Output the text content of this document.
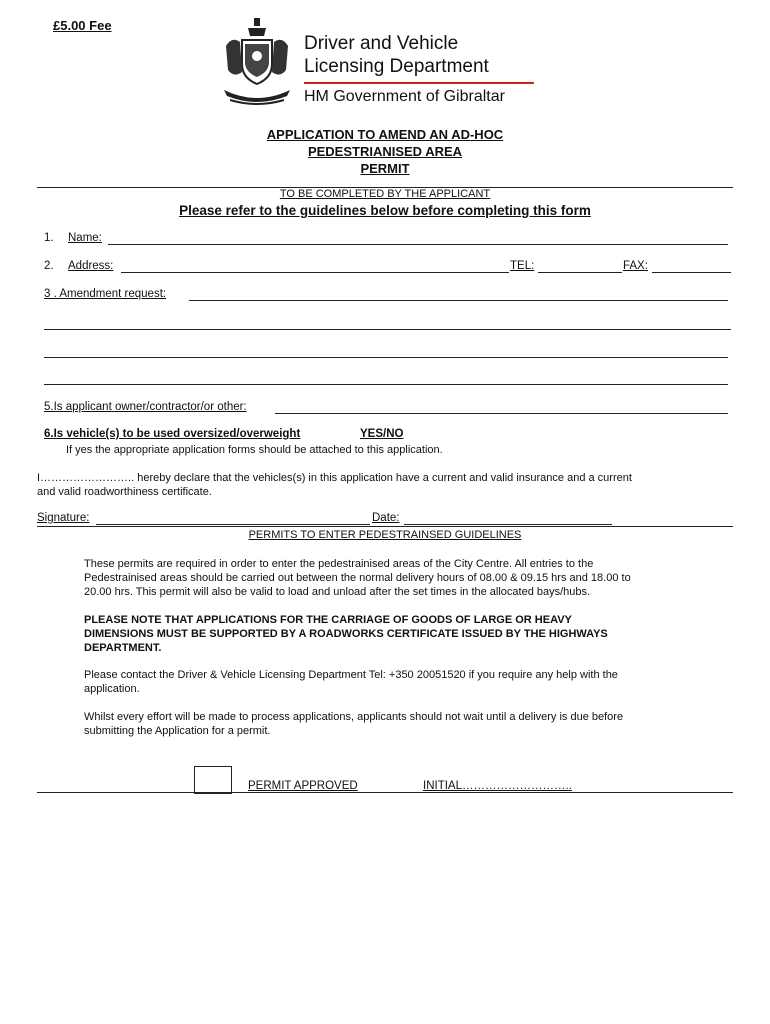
£5.00 Fee
Driver and Vehicle
Licensing Department
HM Government of Gibraltar
APPLICATION TO AMEND AN AD-HOC
PEDESTRIANISED AREA
PERMIT
TO BE COMPLETED BY THE APPLICANT
Please refer to the guidelines below before completing this form
1. Name:
2. Address:	TEL:	FAX:
3 . Amendment request:
5.Is applicant owner/contractor/or other:
6.Is vehicle(s) to be used oversized/overweight	YES/NO
If yes the appropriate application forms should be attached to this application.
I…………………….. hereby declare that the vehicles(s) in this application have a current and valid insurance and a current
and valid roadworthiness certificate.
Signature:	Date:
PERMITS TO ENTER PEDESTRAINSED GUIDELINES
These permits are required in order to enter the pedestrainised areas of the City Centre. All entries to the
Pedestrainised areas should be carried out between the normal delivery hours of 08.00 & 09.15 hrs and 18.00 to
20.00 hrs. This permit will also be valid to load and unload after the set times in the allocated bays/hubs.
PLEASE NOTE THAT APPLICATIONS FOR THE CARRIAGE OF GOODS OF LARGE OR HEAVY
DIMENSIONS MUST BE SUPPORTED BY A ROADWORKS CERTIFICATE ISSUED BY THE HIGHWAYS
DEPARTMENT.
Please contact the Driver & Vehicle Licensing Department Tel: +350 20051520 if you require any help with the
application.
Whilst every effort will be made to process applications, applicants should not wait until a delivery is due before
submitting the Application for a permit.
PERMIT APPROVED	INITIAL………………………..
